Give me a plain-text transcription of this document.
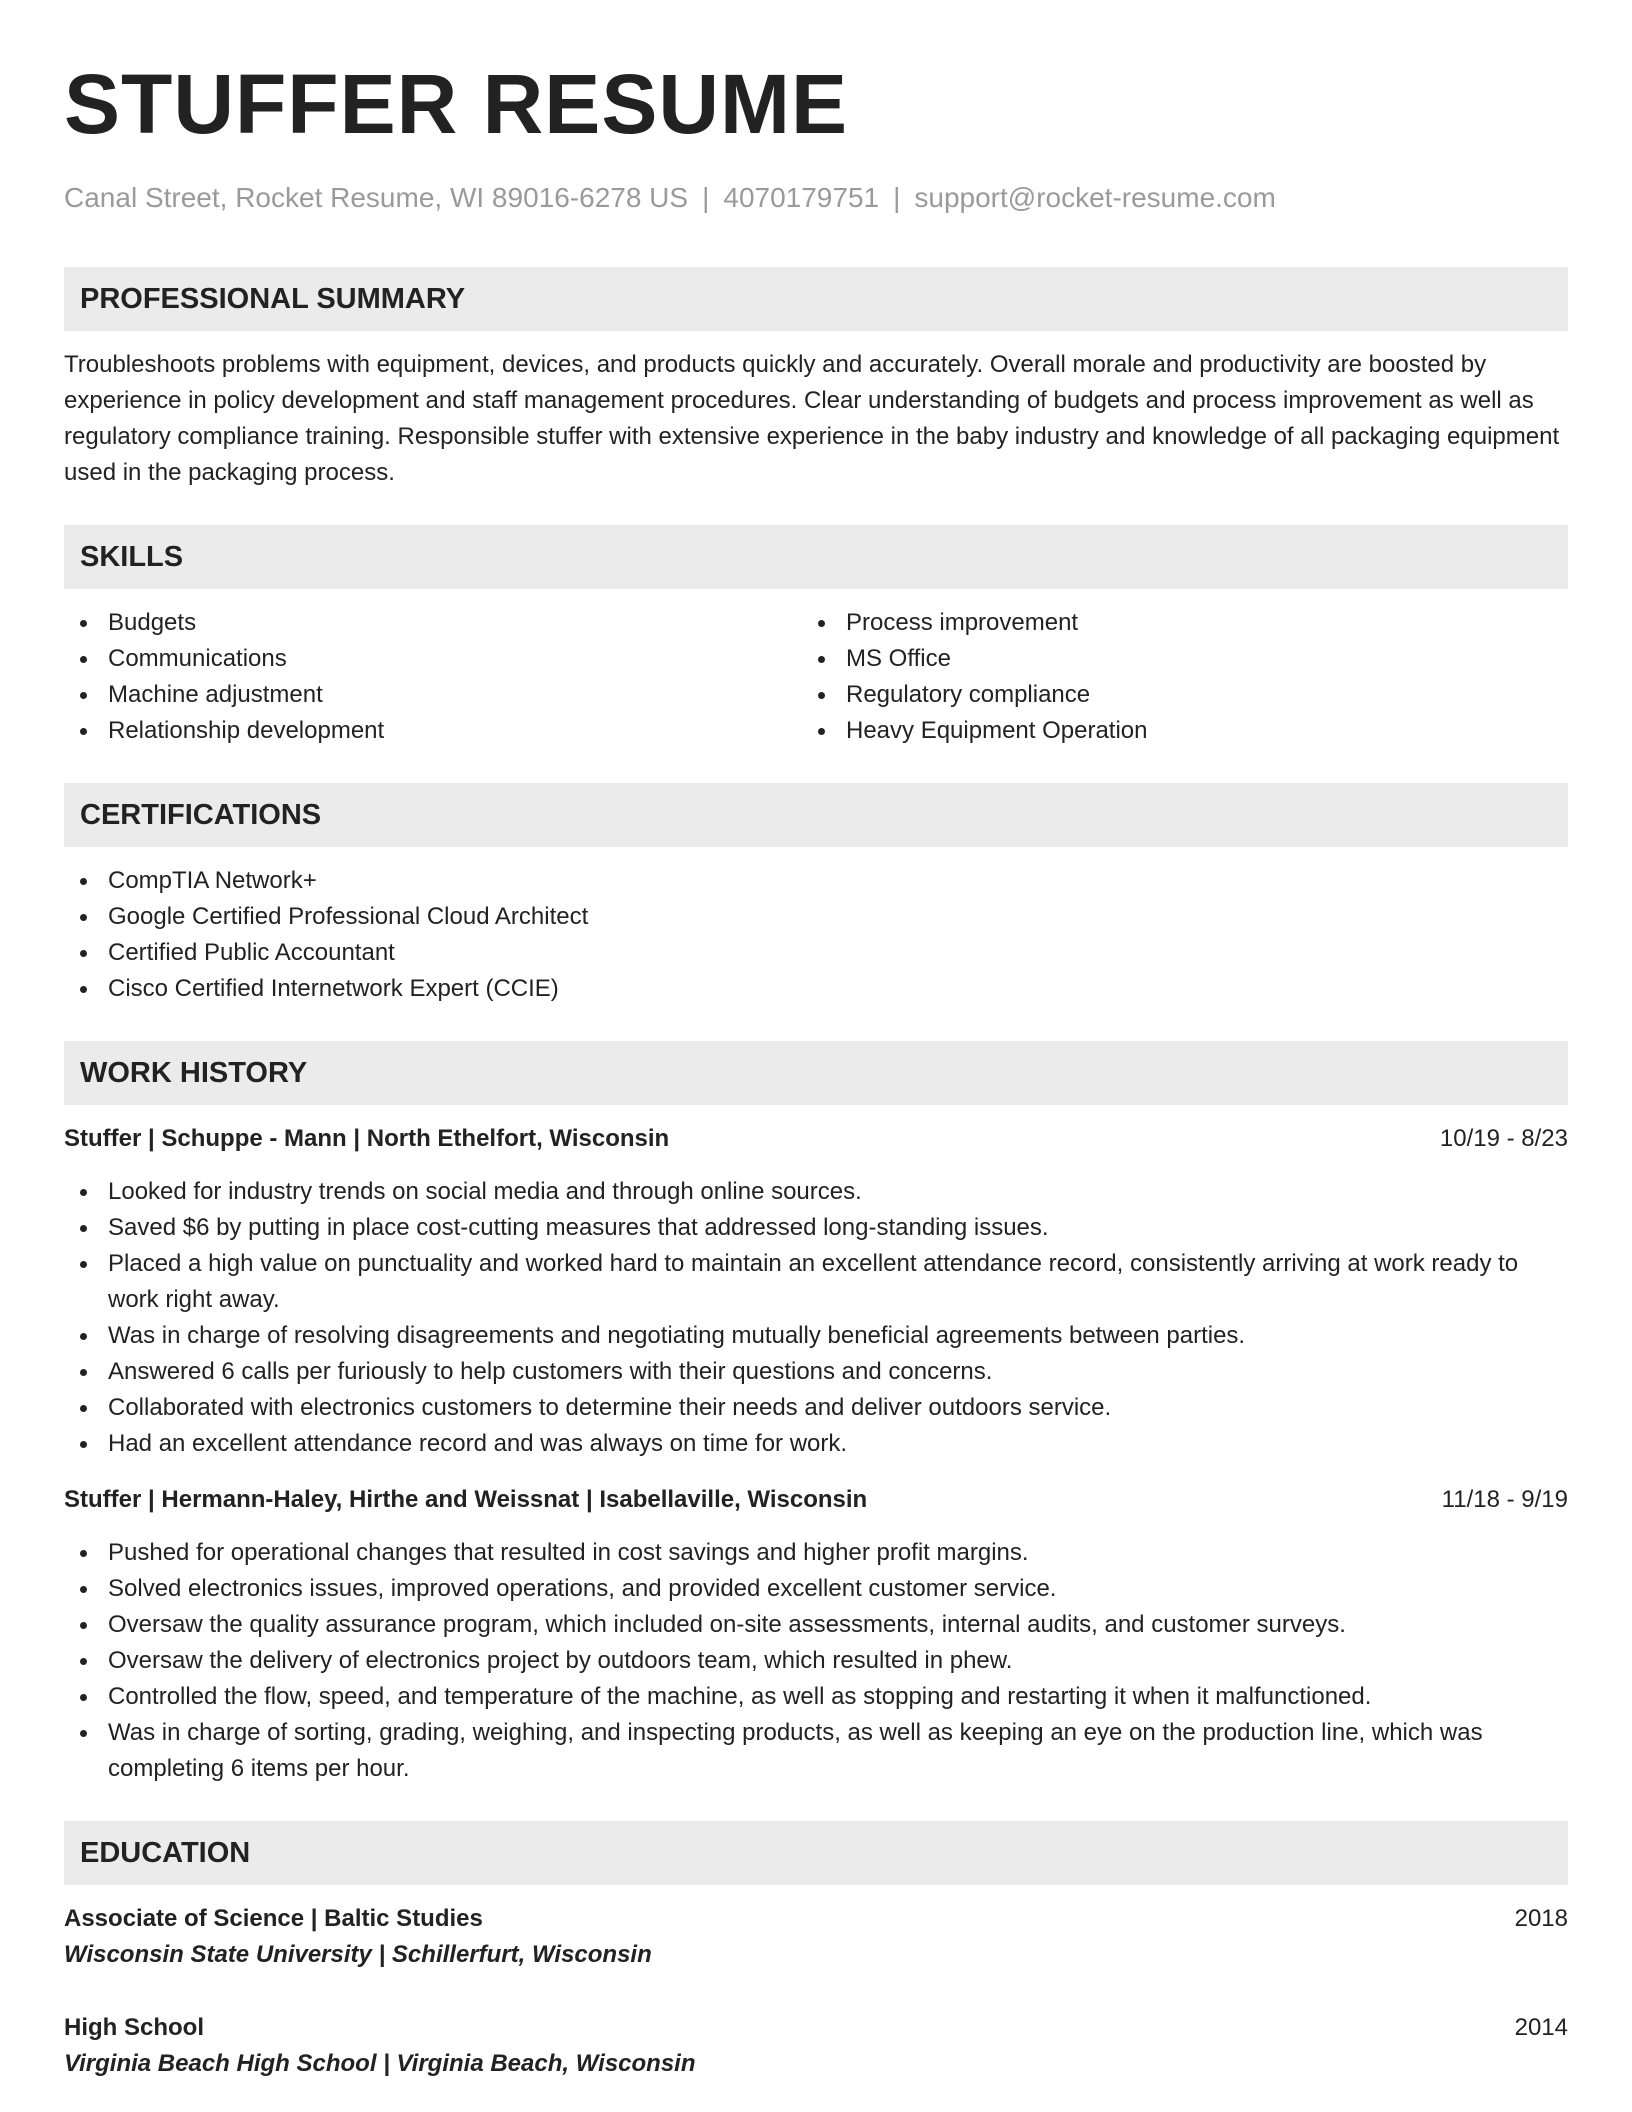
STUFFER RESUME
Canal Street, Rocket Resume, WI 89016-6278 US | 4070179751 | support@rocket-resume.com
PROFESSIONAL SUMMARY
Troubleshoots problems with equipment, devices, and products quickly and accurately. Overall morale and productivity are boosted by experience in policy development and staff management procedures. Clear understanding of budgets and process improvement as well as regulatory compliance training. Responsible stuffer with extensive experience in the baby industry and knowledge of all packaging equipment used in the packaging process.
SKILLS
Budgets
Communications
Machine adjustment
Relationship development
Process improvement
MS Office
Regulatory compliance
Heavy Equipment Operation
CERTIFICATIONS
CompTIA Network+
Google Certified Professional Cloud Architect
Certified Public Accountant
Cisco Certified Internetwork Expert (CCIE)
WORK HISTORY
Stuffer | Schuppe - Mann | North Ethelfort, Wisconsin	10/19 - 8/23
Looked for industry trends on social media and through online sources.
Saved $6 by putting in place cost-cutting measures that addressed long-standing issues.
Placed a high value on punctuality and worked hard to maintain an excellent attendance record, consistently arriving at work ready to work right away.
Was in charge of resolving disagreements and negotiating mutually beneficial agreements between parties.
Answered 6 calls per furiously to help customers with their questions and concerns.
Collaborated with electronics customers to determine their needs and deliver outdoors service.
Had an excellent attendance record and was always on time for work.
Stuffer | Hermann-Haley, Hirthe and Weissnat | Isabellaville, Wisconsin	11/18 - 9/19
Pushed for operational changes that resulted in cost savings and higher profit margins.
Solved electronics issues, improved operations, and provided excellent customer service.
Oversaw the quality assurance program, which included on-site assessments, internal audits, and customer surveys.
Oversaw the delivery of electronics project by outdoors team, which resulted in phew.
Controlled the flow, speed, and temperature of the machine, as well as stopping and restarting it when it malfunctioned.
Was in charge of sorting, grading, weighing, and inspecting products, as well as keeping an eye on the production line, which was completing 6 items per hour.
EDUCATION
Associate of Science | Baltic Studies	2018
Wisconsin State University | Schillerfurt, Wisconsin
High School	2014
Virginia Beach High School | Virginia Beach, Wisconsin
